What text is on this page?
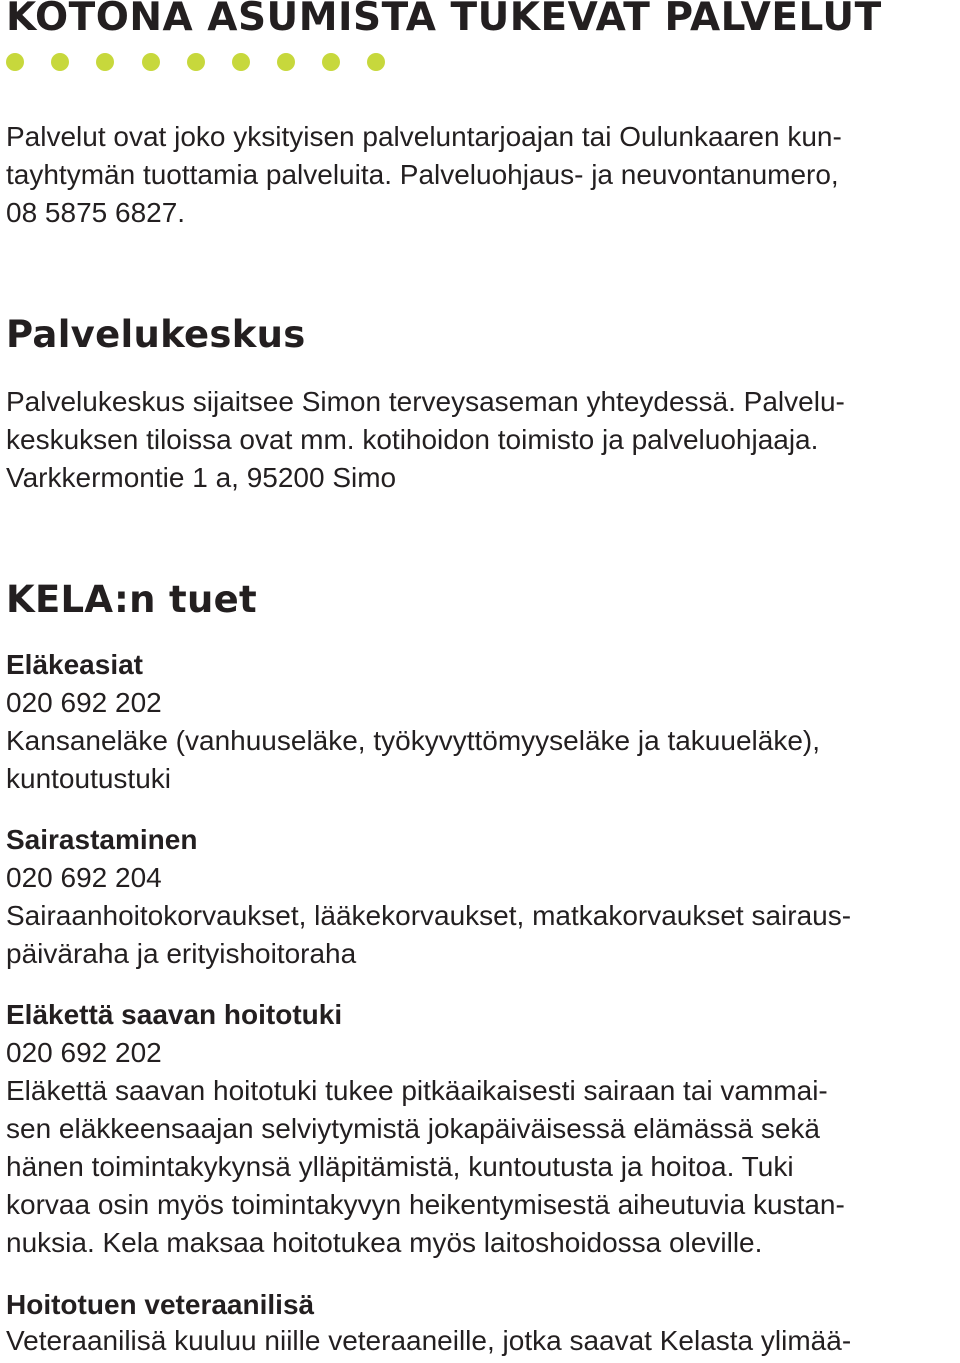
KOTONA ASUMISTA TUKEVAT PALVELUT

Palvelut ovat joko yksityisen palveluntarjoajan tai Oulunkaaren kun-

tayhtymän tuottamia palveluita. Palveluohjaus- ja neuvontanumero,

08 5875 6827.

Palvelukeskus

Palvelukeskus sijaitsee Simon terveysaseman yhteydessä. Palvelu-

keskuksen tiloissa ovat mm. kotihoidon toimisto ja palveluohjaaja.

Varkkermontie 1 a, 95200 Simo

KELA:n tuet
Eläkeasiat

020 692 202

Kansaneläke (vanhuuseläke, työkyvyttömyyseläke ja takuueläke),

kuntoutustuki

Sairastaminen

020 692 204

Sairaanhoitokorvaukset, lääkekorvaukset, matkakorvaukset sairaus-

päiväraha ja erityishoitoraha

Eläkettä saavan hoitotuki

020 692 202

Eläkettä saavan hoitotuki tukee pitkäaikaisesti sairaan tai vammai-

sen eläkkeensaajan selviytymistä jokapäiväisessä elämässä sekä

hänen toimintakykynsä ylläpitämistä, kuntoutusta ja hoitoa. Tuki

korvaa osin myös toimintakyvyn heikentymisestä aiheutuvia kustan-

nuksia. Kela maksaa hoitotukea myös laitoshoidossa oleville.

Hoitotuen veteraanilisä

Veteraanilisä kuuluu niille veteraaneille, jotka saavat Kelasta ylimää-
